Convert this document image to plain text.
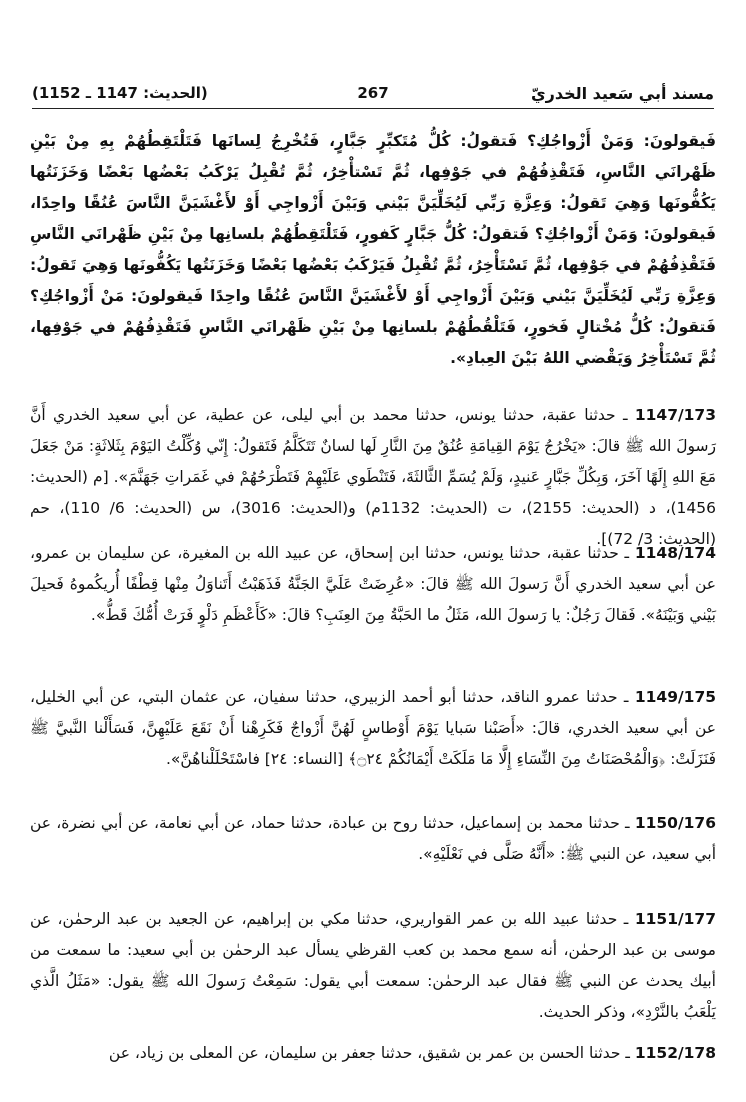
مسند أبي سَعيد الخدريّ
267
(الحديث: 1147 ـ 1152)
فَيقولونَ: وَمَنْ أَزْواجُكِ؟ فَتقولُ: كُلُّ مُتَكبِّرٍ جَبَّارٍ، فَتُخْرِجُ لِسانَها فَتَلْتَقِطُهُمْ بِهِ مِنْ بَيْنِ ظَهْرانَي النَّاسِ، فَتَقْذِفُهُمْ في جَوْفِها، ثُمَّ تَسْتأْخِرُ، ثُمَّ تُقْبِلُ يَرْكَبُ بَعْضُها بَعْضًا وَخَزَنَتُها يَكُفُّونَها وَهِيَ تَقولُ: وَعِزَّةِ رَبِّي لَيُخَلِّيَنَّ بَيْني وَبَيْنَ أَزْواجِي أَوْ لأَغْشَيَنَّ النَّاسَ عُنُقًا واحِدًا، فَيقولونَ: وَمَنْ أَزْواجُكِ؟ فَتقولُ: كُلُّ جَبَّارٍ كَفورٍ، فَتَلْتَقِطُهُمْ بلسانِها مِنْ بَيْنِ ظَهْرانَي النَّاسِ فَتَقْذِفُهُمْ في جَوْفِها، ثُمَّ تَسْتَأْخِرُ، ثُمَّ تُقْبِلُ فَيَرْكَبُ بَعْضُها بَعْضًا وَخَزَنَتُها يَكُفُّونَها وَهِيَ تَقولُ: وَعِزَّةِ رَبِّي لَيُخَلِّيَنَّ بَيْني وَبَيْنَ أَزْواجِي أَوْ لأَغْشَيَنَّ النَّاسَ عُنُقًا واحِدًا فَيقولونَ: مَنْ أَزْواجُكِ؟ فَتقولُ: كُلُّ مُخْتالٍ فَخورٍ، فَتَلْقُطُهُمْ بلسانِها مِنْ بَيْنِ ظَهْرانَي النَّاسِ فَتَقْذِفُهُمْ في جَوْفِها، ثُمَّ تَسْتَأْخِرُ وَيَقْضي اللهُ بَيْنَ العِبادِ».
1147/173 ـ حدثنا عقبة، حدثنا يونس، حدثنا محمد بن أبي ليلى، عن عطية، عن أبي سعيد الخدري أَنَّ رَسولَ الله ﷺ قالَ: «يَخْرُجُ يَوْمَ القِيامَةِ عُنُقٌ مِنَ النَّارِ لَها لسانٌ تَتَكَلَّمُ فَتَقولُ: إِنّي وُكِّلْتُ اليَوْمَ بِثَلاثَةٍ: مَنْ جَعَلَ مَعَ اللهِ إِلَهًا آخَرَ، وَبِكُلِّ جَبَّارٍ عَنيدٍ، وَلَمْ يُسَمِّ الثَّالثَةَ، فَتَنْطَوي عَلَيْهِمْ فَتَطْرَحُهُمْ في غَمَراتِ جَهَنَّمَ». [م (الحديث: 1456)، د (الحديث: 2155)، ت (الحديث: 1132م) و(الحديث: 3016)، س (الحديث: 6/ 110)، حم (الحديث: 3/ 72)].
1148/174 ـ حدثنا عقبة، حدثنا يونس، حدثنا ابن إسحاق، عن عبيد الله بن المغيرة، عن سليمان بن عمرو، عن أبي سعيد الخدري أَنَّ رَسولَ الله ﷺ قالَ: «عُرِضَتْ عَلَيَّ الجَنَّةُ فَذَهَبْتُ أَتَناوَلُ مِنْها قِطْفًا أُريكُموهُ فَحيلَ بَيْني وَبَيْنَهُ». فَقالَ رَجُلٌ: يا رَسولَ الله، مَثَلُ ما الحَبَّةُ مِنَ العِنَبِ؟ قالَ: «كَأَعْظَمِ دَلْوٍ فَرَتْ أُمُّكَ قَطُّ».
1149/175 ـ حدثنا عمرو الناقد، حدثنا أبو أحمد الزبيري، حدثنا سفيان، عن عثمان البتي، عن أبي الخليل، عن أبي سعيد الخدري، قالَ: «أَصَبْنا سَبايا يَوْمَ أَوْطاسٍ لَهُنَّ أَزْواجٌ فَكَرِهْنا أَنْ نَقَعَ عَلَيْهِنَّ، فَسَأَلْنا النَّبيَّ ﷺ فَنَزَلَتْ: ﴿وَالْمُحْصَنَاتُ مِنَ النِّسَاءِ إِلَّا مَا مَلَكَتْ أَيْمَانُكُمْ ۝٢٤﴾ [النساء: ٢٤] فاسْتَحْلَلْناهُنَّ».
1150/176 ـ حدثنا محمد بن إسماعيل، حدثنا روح بن عبادة، حدثنا حماد، عن أبي نعامة، عن أبي نضرة، عن أبي سعيد، عن النبي ﷺ: «أَنَّهُ صَلَّى في نَعْلَيْهِ».
1151/177 ـ حدثنا عبيد الله بن عمر القواريري، حدثنا مكي بن إبراهيم، عن الجعيد بن عبد الرحمٰن، عن موسى بن عبد الرحمٰن، أنه سمع محمد بن كعب القرظي يسأل عبد الرحمٰن بن أبي سعيد: ما سمعت من أبيك يحدث عن النبي ﷺ فقال عبد الرحمٰن: سمعت أبي يقول: سَمِعْتُ رَسولَ الله ﷺ يقول: «مَثَلُ الَّذي يَلْعَبُ بالنَّرْدِ»، وذكر الحديث.
1152/178 ـ حدثنا الحسن بن عمر بن شقيق، حدثنا جعفر بن سليمان، عن المعلى بن زياد، عن
